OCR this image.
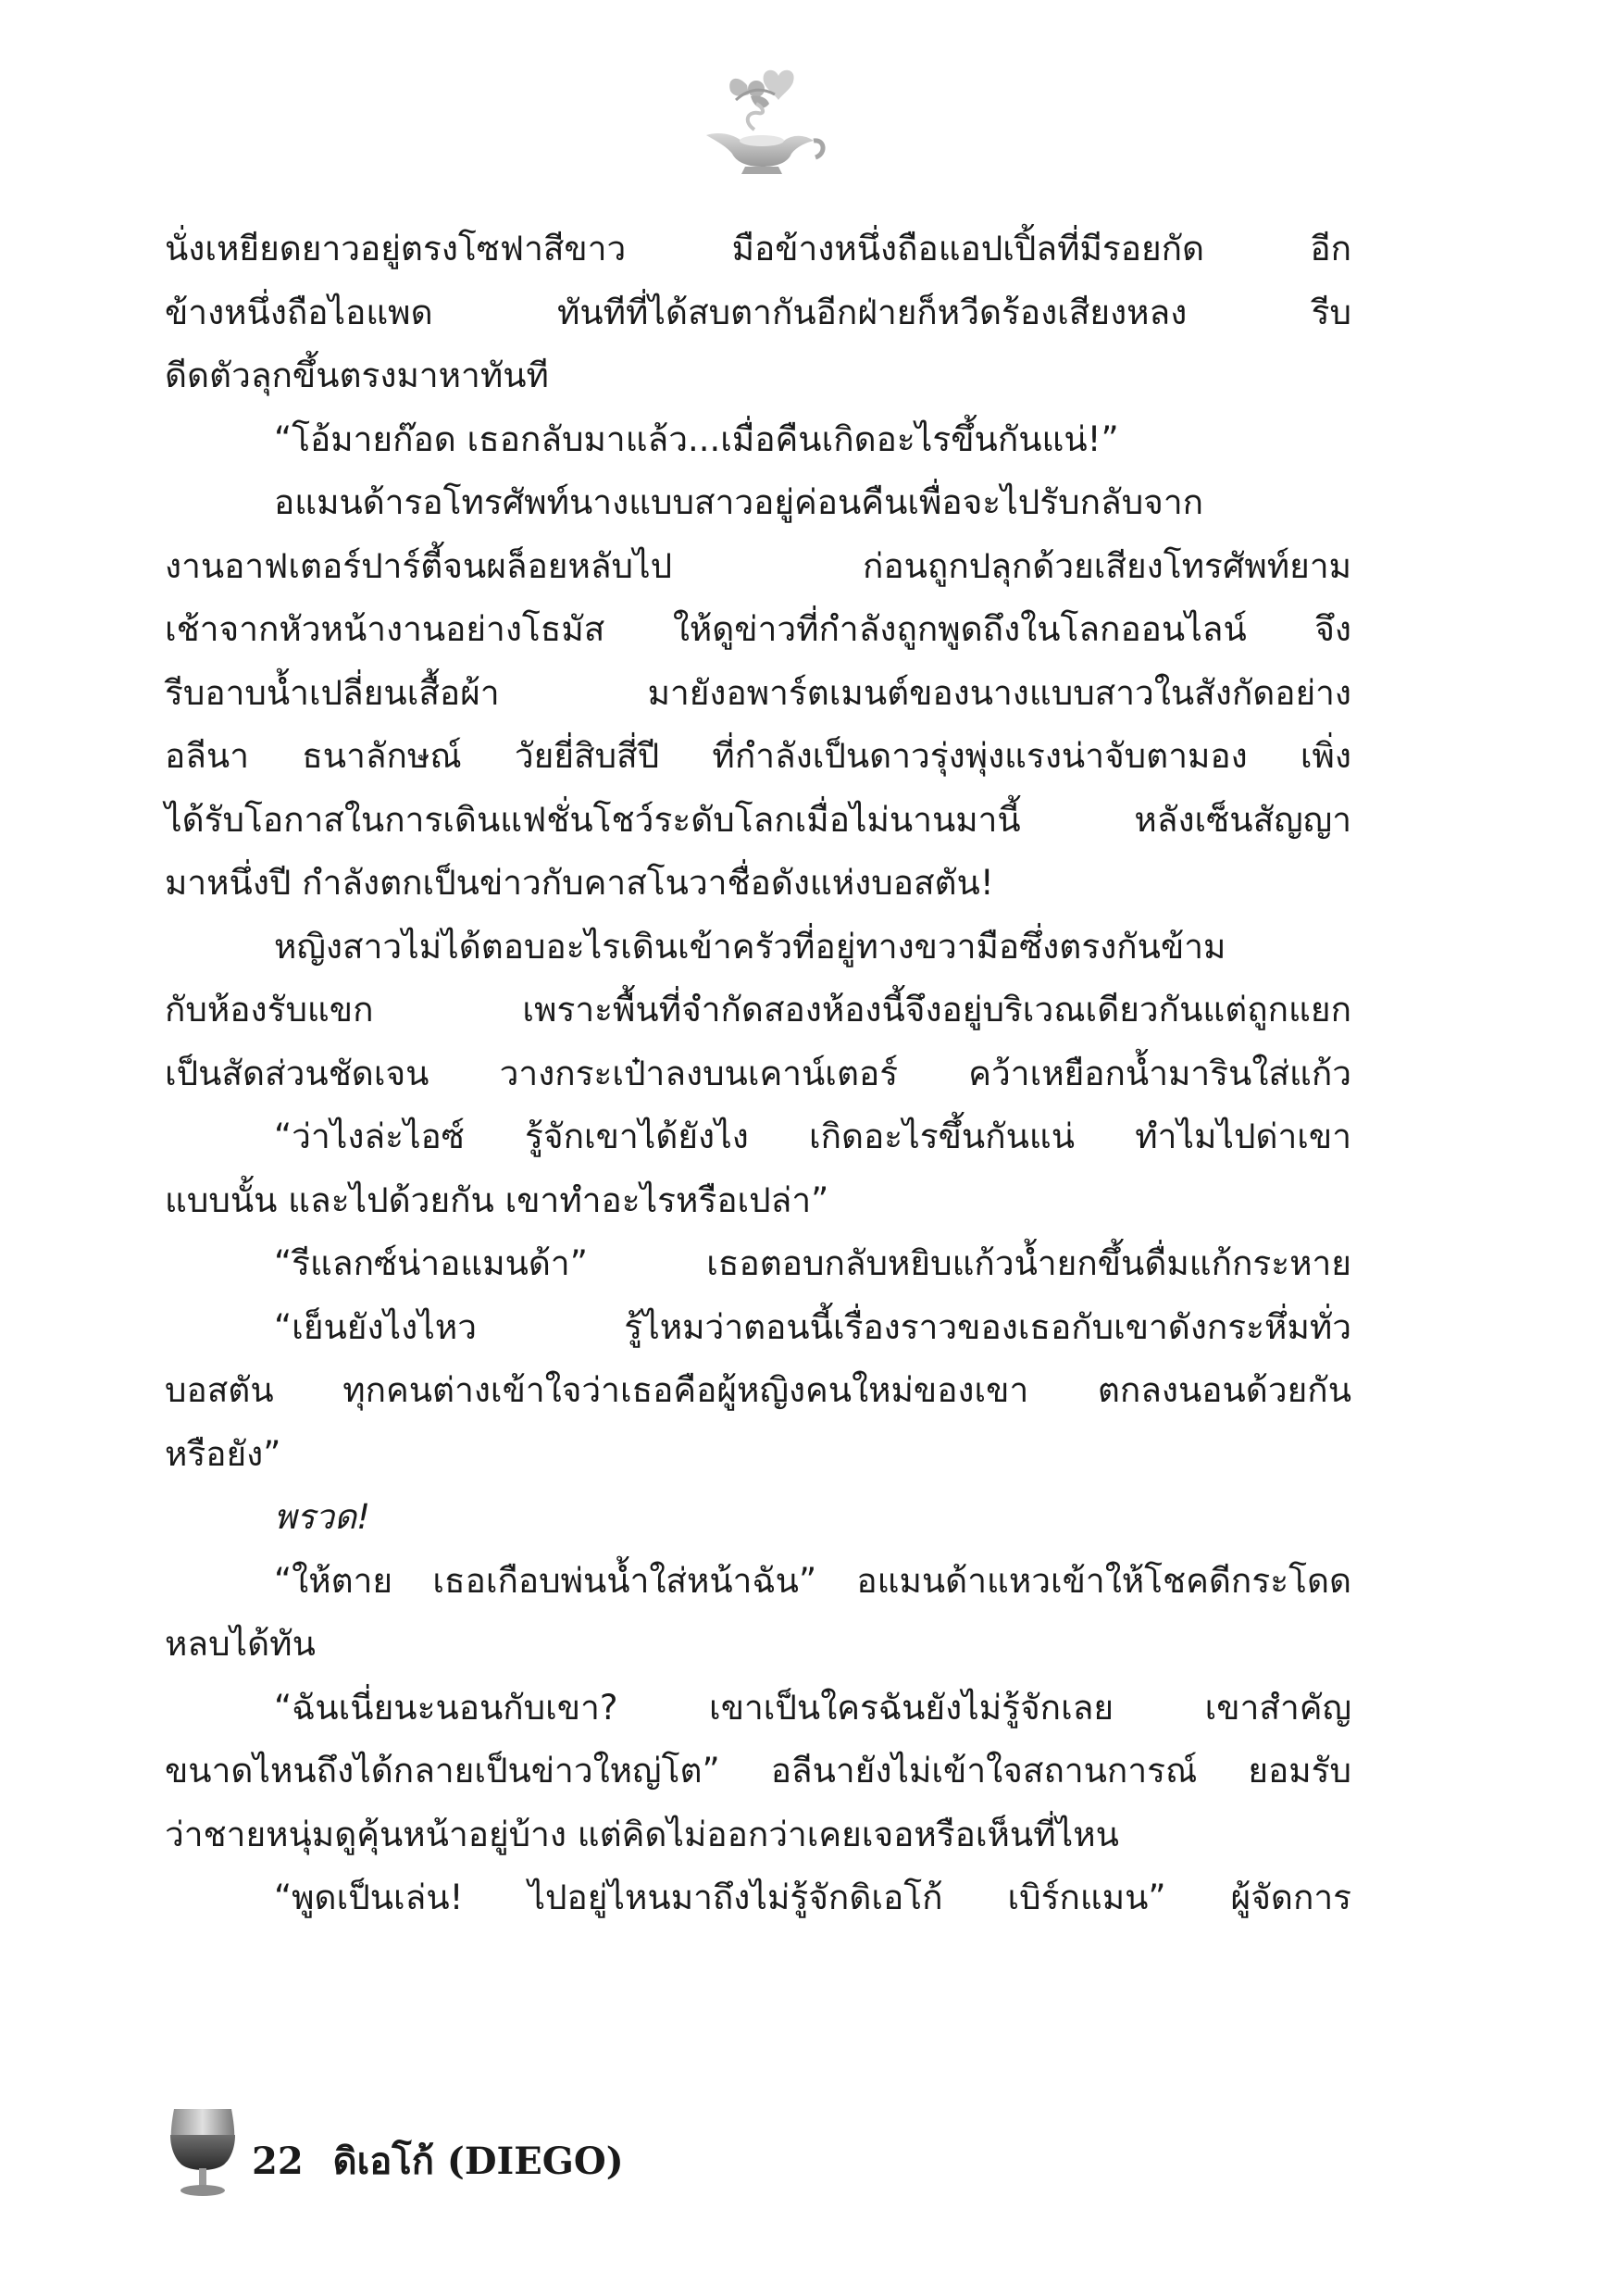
นั่งเหยียดยาวอยู่ตรงโซฟาสีขาว มือข้างหนึ่งถือแอปเปิ้ลที่มีรอยกัด อีก

ข้างหนึ่งถือไอแพด ทันทีที่ได้สบตากันอีกฝ่ายก็หวีดร้องเสียงหลง รีบ

ดีดตัวลุกขึ้นตรงมาหาทันที

“โอ้มายก๊อด เธอกลับมาแล้ว...เมื่อคืนเกิดอะไรขึ้นกันแน่!”

อแมนด้ารอโทรศัพท์นางแบบสาวอยู่ค่อนคืนเพื่อจะไปรับกลับจาก

งานอาฟเตอร์ปาร์ตี้จนผล็อยหลับไป ก่อนถูกปลุกด้วยเสียงโทรศัพท์ยาม

เช้าจากหัวหน้างานอย่างโธมัส ให้ดูข่าวที่กำลังถูกพูดถึงในโลกออนไลน์ จึง

รีบอาบน้ำเปลี่ยนเสื้อผ้า มายังอพาร์ตเมนต์ของนางแบบสาวในสังกัดอย่าง

อลีนา ธนาลักษณ์ วัยยี่สิบสี่ปี ที่กำลังเป็นดาวรุ่งพุ่งแรงน่าจับตามอง เพิ่ง

ได้รับโอกาสในการเดินแฟชั่นโชว์ระดับโลกเมื่อไม่นานมานี้ หลังเซ็นสัญญา

มาหนึ่งปี กำลังตกเป็นข่าวกับคาสโนวาชื่อดังแห่งบอสตัน!

หญิงสาวไม่ได้ตอบอะไรเดินเข้าครัวที่อยู่ทางขวามือซึ่งตรงกันข้าม

กับห้องรับแขก เพราะพื้นที่จำกัดสองห้องนี้จึงอยู่บริเวณเดียวกันแต่ถูกแยก

เป็นสัดส่วนชัดเจน วางกระเป๋าลงบนเคาน์เตอร์ คว้าเหยือกน้ำมารินใส่แก้ว

“ว่าไงล่ะไอซ์ รู้จักเขาได้ยังไง เกิดอะไรขึ้นกันแน่ ทำไมไปด่าเขา

แบบนั้น และไปด้วยกัน เขาทำอะไรหรือเปล่า”

“รีแลกซ์น่าอแมนด้า” เธอตอบกลับหยิบแก้วน้ำยกขึ้นดื่มแก้กระหาย

“เย็นยังไงไหว รู้ไหมว่าตอนนี้เรื่องราวของเธอกับเขาดังกระหึ่มทั่ว

บอสตัน ทุกคนต่างเข้าใจว่าเธอคือผู้หญิงคนใหม่ของเขา ตกลงนอนด้วยกัน

หรือยัง”

พรวด!

“ให้ตาย เธอเกือบพ่นน้ำใส่หน้าฉัน” อแมนด้าแหวเข้าให้โชคดีกระโดด

หลบได้ทัน

“ฉันเนี่ยนะนอนกับเขา? เขาเป็นใครฉันยังไม่รู้จักเลย เขาสำคัญ

ขนาดไหนถึงได้กลายเป็นข่าวใหญ่โต” อลีนายังไม่เข้าใจสถานการณ์ ยอมรับ

ว่าชายหนุ่มดูคุ้นหน้าอยู่บ้าง แต่คิดไม่ออกว่าเคยเจอหรือเห็นที่ไหน

“พูดเป็นเล่น! ไปอยู่ไหนมาถึงไม่รู้จักดิเอโก้ เบิร์กแมน” ผู้จัดการ

22 ดิเอโก้ (DIEGO)
